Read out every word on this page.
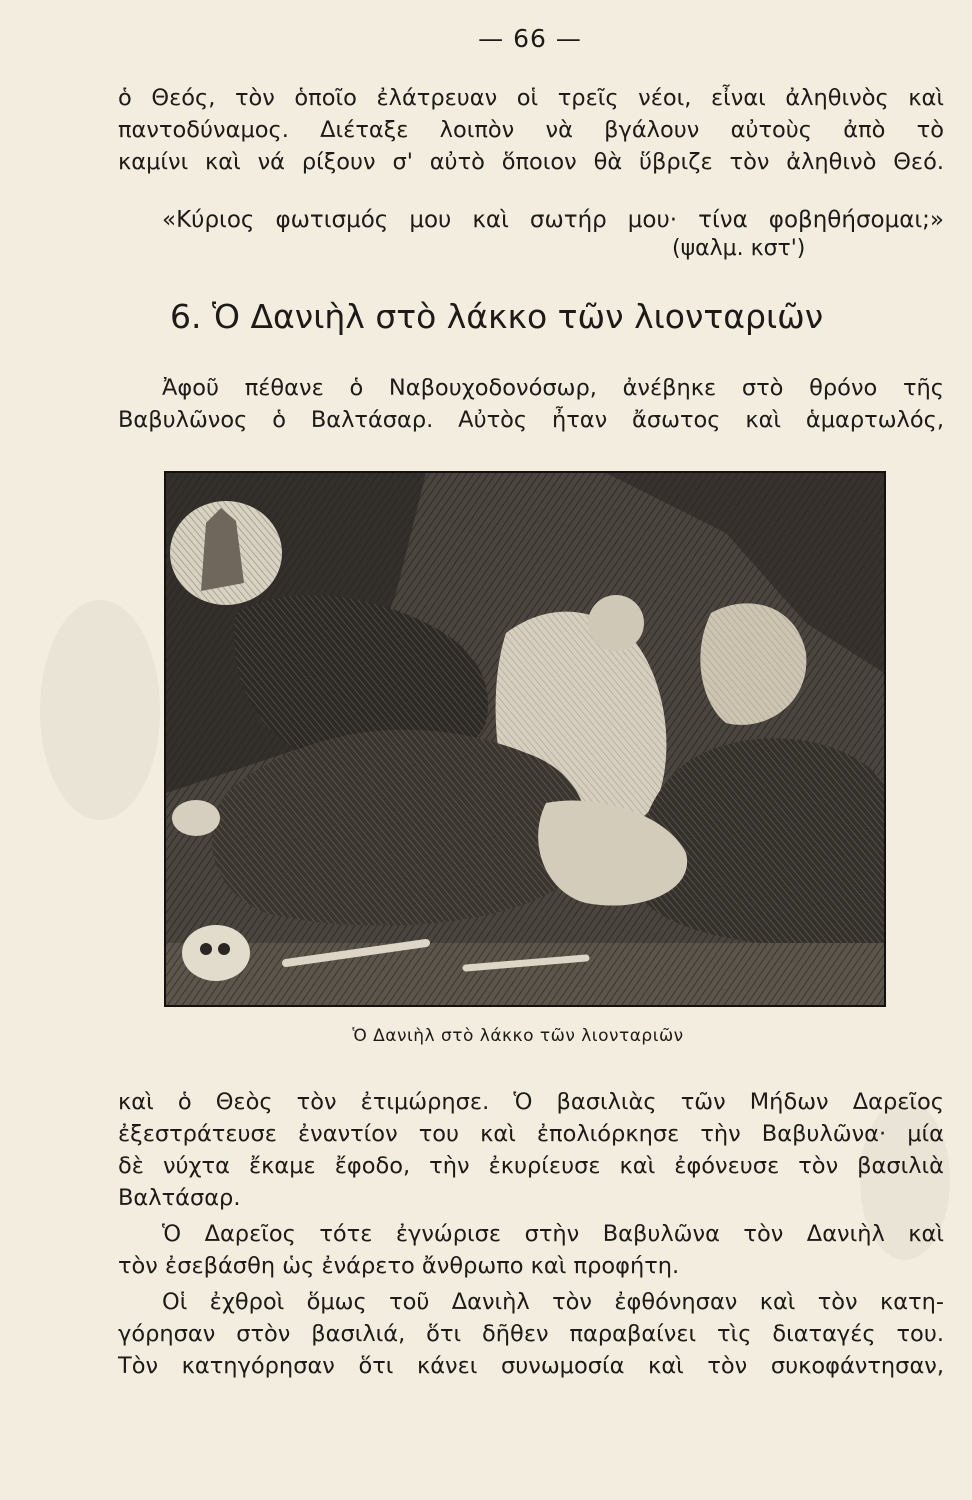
— 66 —
ὁ Θεός, τὸν ὁποῖο ἐλάτρευαν οἱ τρεῖς νέοι, εἶναι ἀληθινὸς καὶ
παντοδύναμος. Διέταξε λοιπὸν νὰ βγάλουν αὐτοὺς ἀπὸ τὸ
καμίνι καὶ νά ρίξουν σ' αὐτὸ ὅποιον θὰ ὕβριζε τὸν ἀληθινὸ Θεό.
«Κύριος φωτισμός μου καὶ σωτήρ μου· τίνα φοβηθήσομαι;»
(ψαλμ. κστ')
6. Ὁ Δανιὴλ στὸ λάκκο τῶν λιονταριῶν
Ἀφοῦ πέθανε ὁ Ναβουχοδονόσωρ, ἀνέβηκε στὸ θρόνο τῆς
Βαβυλῶνος ὁ Βαλτάσαρ. Αὐτὸς ἦταν ἄσωτος καὶ ἁμαρτωλός,
Ὁ Δανιὴλ στὸ λάκκο τῶν λιονταριῶν
καὶ ὁ Θεὸς τὸν ἐτιμώρησε. Ὁ βασιλιὰς τῶν Μήδων Δαρεῖος
ἐξεστράτευσε ἐναντίον του καὶ ἐπολιόρκησε τὴν Βαβυλῶνα· μία
δὲ νύχτα ἔκαμε ἔφοδο, τὴν ἐκυρίευσε καὶ ἐφόνευσε τὸν βασιλιὰ
Βαλτάσαρ.
Ὁ Δαρεῖος τότε ἐγνώρισε στὴν Βαβυλῶνα τὸν Δανιὴλ καὶ
τὸν ἐσεβάσθη ὡς ἐνάρετο ἄνθρωπο καὶ προφήτη.
Οἱ ἐχθροὶ ὅμως τοῦ Δανιὴλ τὸν ἐφθόνησαν καὶ τὸν κατη-
γόρησαν στὸν βασιλιά, ὅτι δῆθεν παραβαίνει τὶς διαταγές του.
Τὸν κατηγόρησαν ὅτι κάνει συνωμοσία καὶ τὸν συκοφάντησαν,
